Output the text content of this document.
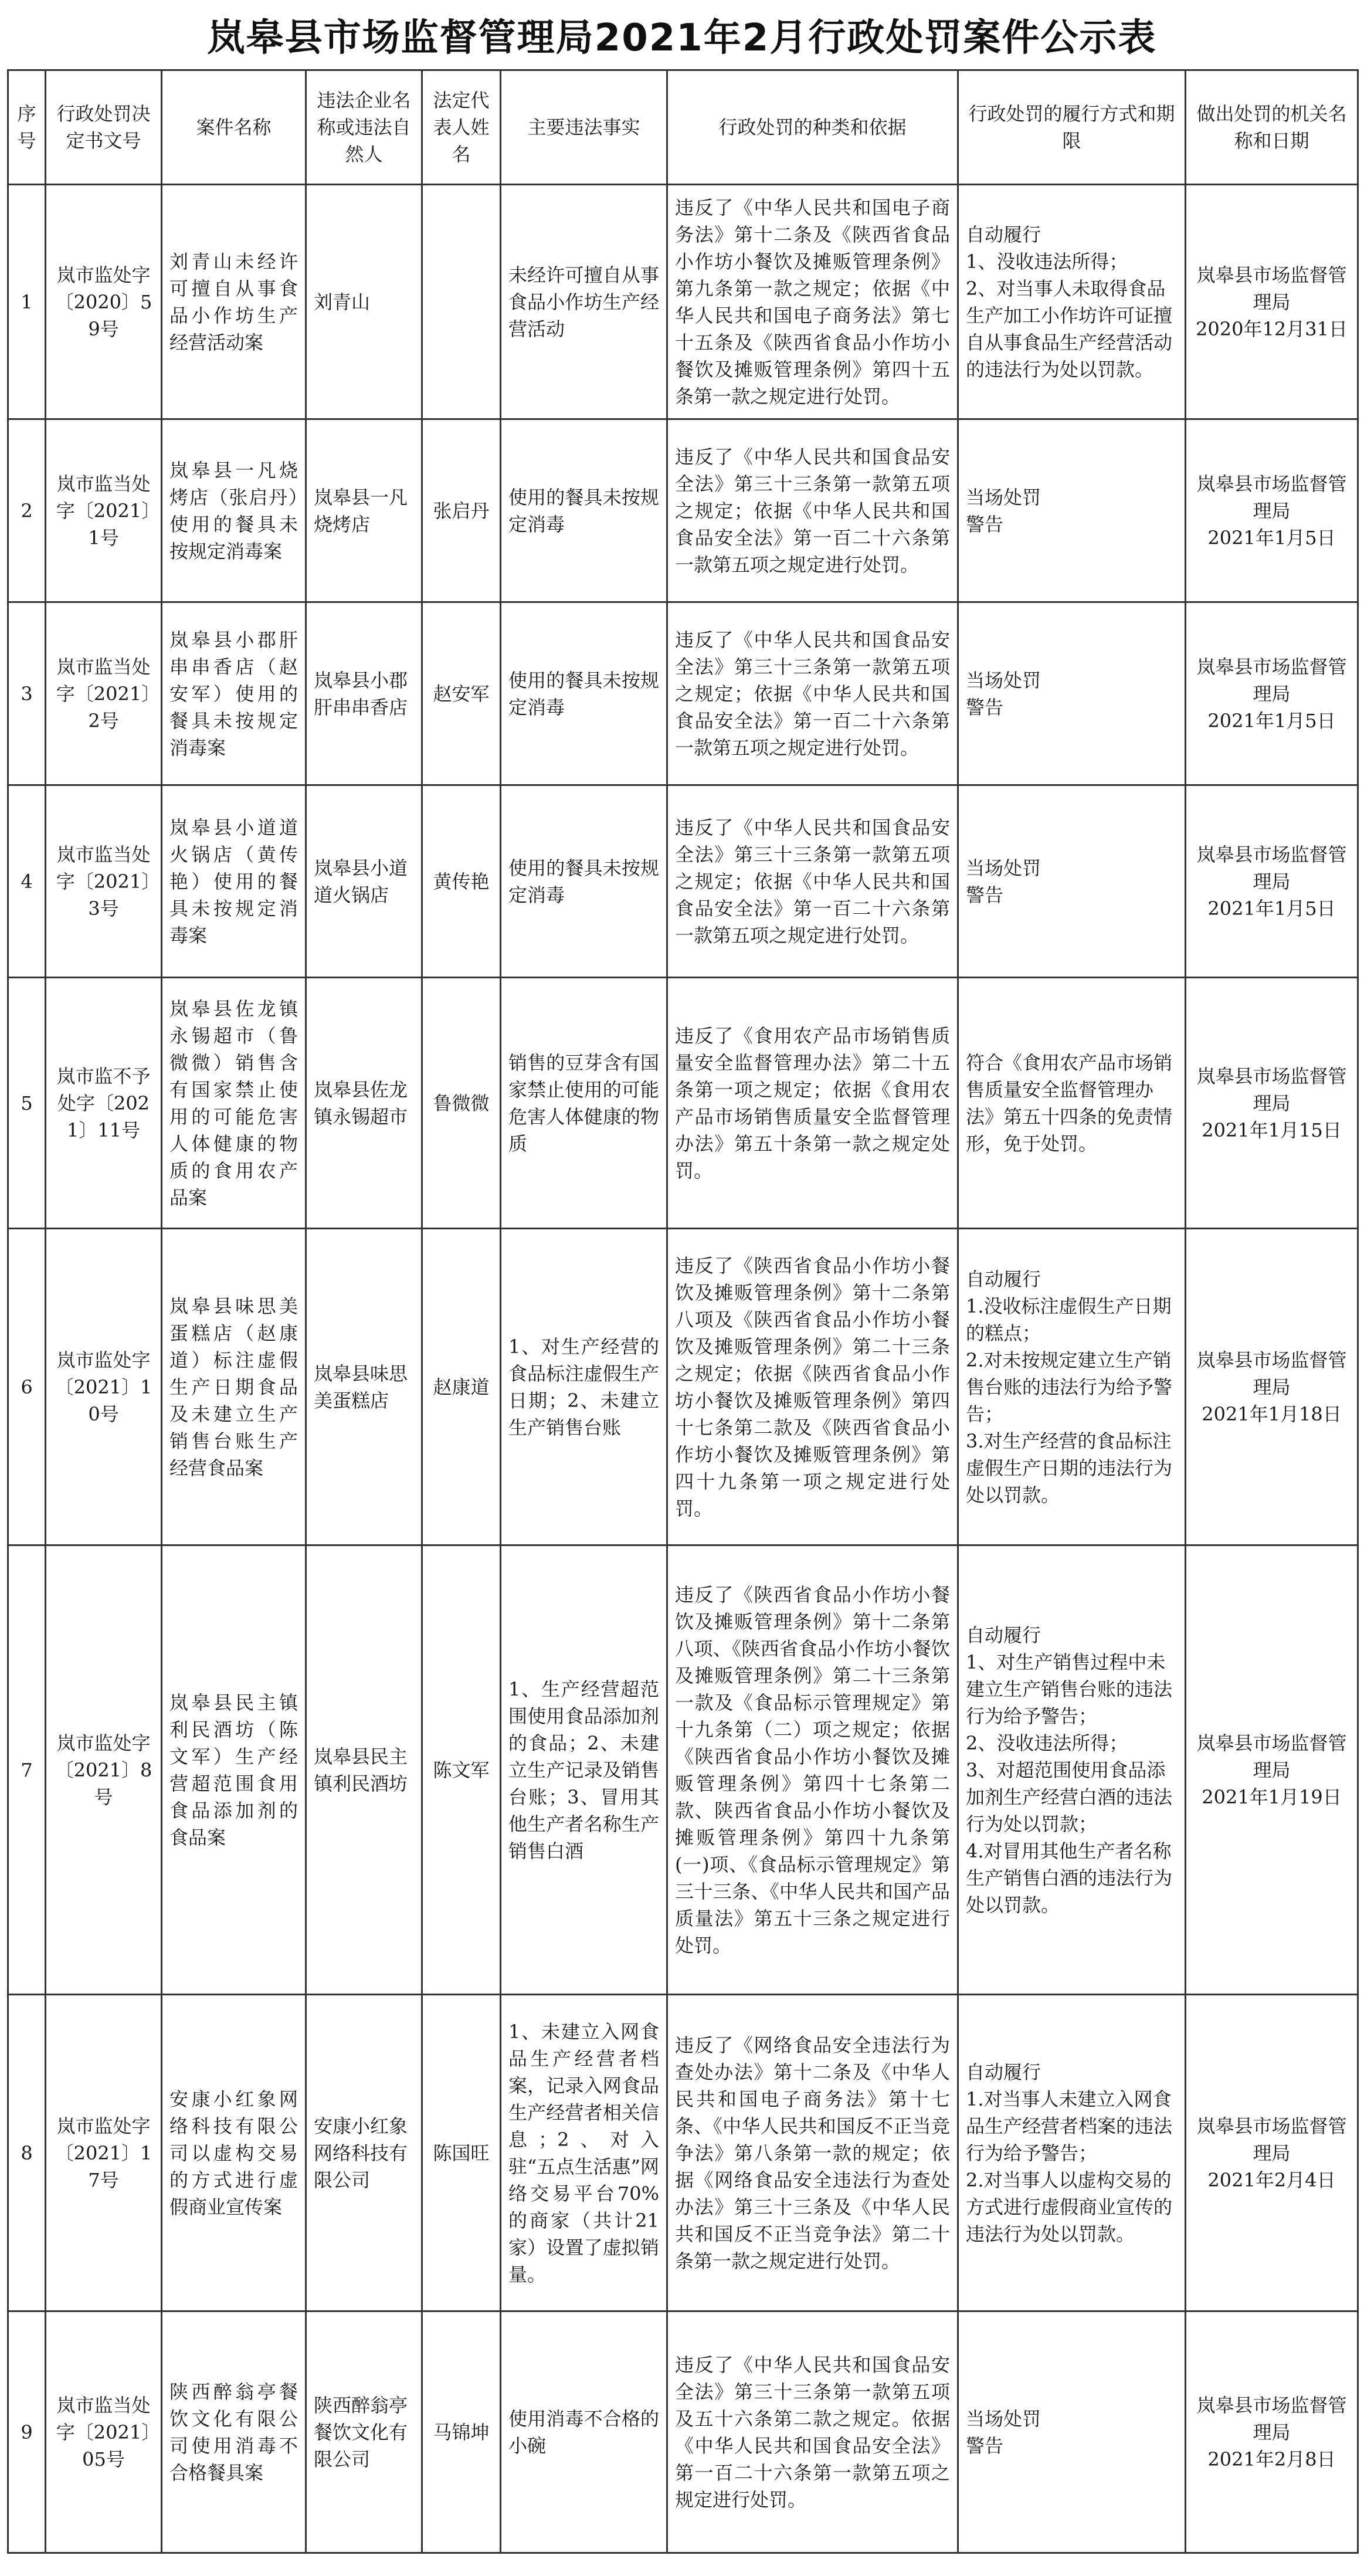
岚皋县市场监督管理局2021年2月行政处罚案件公示表
序号	行政处罚决定书文号	案件名称	违法企业名称或违法自然人	法定代表人姓名	主要违法事实	行政处罚的种类和依据	行政处罚的履行方式和期限	做出处罚的机关名称和日期

1	岚市监处字〔2020〕59号	刘青山未经许可擅自从事食品小作坊生产经营活动案	刘青山		未经许可擅自从事食品小作坊生产经营活动	违反了《中华人民共和国电子商务法》第十二条及《陕西省食品小作坊小餐饮及摊贩管理条例》第九条第一款之规定；依据《中华人民共和国电子商务法》第七十五条及《陕西省食品小作坊小餐饮及摊贩管理条例》第四十五条第一款之规定进行处罚。	自动履行
1、没收违法所得；
2、对当事人未取得食品生产加工小作坊许可证擅自从事食品生产经营活动的违法行为处以罚款。	岚皋县市场监督管理局
2020年12月31日

2	岚市监当处字〔2021〕1号	岚皋县一凡烧烤店（张启丹）使用的餐具未按规定消毒案	岚皋县一凡烧烤店	张启丹	使用的餐具未按规定消毒	违反了《中华人民共和国食品安全法》第三十三条第一款第五项之规定；依据《中华人民共和国食品安全法》第一百二十六条第一款第五项之规定进行处罚。	当场处罚
警告	岚皋县市场监督管理局
2021年1月5日

3	岚市监当处字〔2021〕2号	岚皋县小郡肝串串香店（赵安军）使用的餐具未按规定消毒案	岚皋县小郡肝串串香店	赵安军	使用的餐具未按规定消毒	违反了《中华人民共和国食品安全法》第三十三条第一款第五项之规定；依据《中华人民共和国食品安全法》第一百二十六条第一款第五项之规定进行处罚。	当场处罚
警告	岚皋县市场监督管理局
2021年1月5日

4	岚市监当处字〔2021〕3号	岚皋县小道道火锅店（黄传艳）使用的餐具未按规定消毒案	岚皋县小道道火锅店	黄传艳	使用的餐具未按规定消毒	违反了《中华人民共和国食品安全法》第三十三条第一款第五项之规定；依据《中华人民共和国食品安全法》第一百二十六条第一款第五项之规定进行处罚。	当场处罚
警告	岚皋县市场监督管理局
2021年1月5日

5	岚市监不予处字〔2021〕11号	岚皋县佐龙镇永锡超市（鲁微微）销售含有国家禁止使用的可能危害人体健康的物质的食用农产品案	岚皋县佐龙镇永锡超市	鲁微微	销售的豆芽含有国家禁止使用的可能危害人体健康的物质	违反了《食用农产品市场销售质量安全监督管理办法》第二十五条第一项之规定；依据《食用农产品市场销售质量安全监督管理办法》第五十条第一款之规定处罚。	符合《食用农产品市场销售质量安全监督管理办法》第五十四条的免责情形，免于处罚。	岚皋县市场监督管理局
2021年1月15日

6	岚市监处字〔2021〕10号	岚皋县味思美蛋糕店（赵康道）标注虚假生产日期食品及未建立生产销售台账生产经营食品案	岚皋县味思美蛋糕店	赵康道	1、对生产经营的食品标注虚假生产日期；2、未建立生产销售台账	违反了《陕西省食品小作坊小餐饮及摊贩管理条例》第十二条第八项及《陕西省食品小作坊小餐饮及摊贩管理条例》第二十三条之规定；依据《陕西省食品小作坊小餐饮及摊贩管理条例》第四十七条第二款及《陕西省食品小作坊小餐饮及摊贩管理条例》第四十九条第一项之规定进行处罚。	自动履行
1.没收标注虚假生产日期的糕点；
2.对未按规定建立生产销售台账的违法行为给予警告；
3.对生产经营的食品标注虚假生产日期的违法行为处以罚款。	岚皋县市场监督管理局
2021年1月18日

7	岚市监处字〔2021〕8号	岚皋县民主镇利民酒坊（陈文军）生产经营超范围食用食品添加剂的食品案	岚皋县民主镇利民酒坊	陈文军	1、生产经营超范围使用食品添加剂的食品；2、未建立生产记录及销售台账；3、冒用其他生产者名称生产销售白酒	违反了《陕西省食品小作坊小餐饮及摊贩管理条例》第十二条第八项、《陕西省食品小作坊小餐饮及摊贩管理条例》第二十三条第一款及《食品标示管理规定》第十九条第（二）项之规定；依据《陕西省食品小作坊小餐饮及摊贩管理条例》第四十七条第二款、陕西省食品小作坊小餐饮及摊贩管理条例》第四十九条第(一)项、《食品标示管理规定》第三十三条、《中华人民共和国产品质量法》第五十三条之规定进行处罚。	自动履行
1、对生产销售过程中未建立生产销售台账的违法行为给予警告；
2、没收违法所得；
3、对超范围使用食品添加剂生产经营白酒的违法行为处以罚款；
4.对冒用其他生产者名称生产销售白酒的违法行为处以罚款。	岚皋县市场监督管理局
2021年1月19日

8	岚市监处字〔2021〕17号	安康小红象网络科技有限公司以虚构交易的方式进行虚假商业宣传案	安康小红象网络科技有限公司	陈国旺	1、未建立入网食品生产经营者档案，记录入网食品生产经营者相关信息；2、对入驻“五点生活惠”网络交易平台70%的商家（共计21家）设置了虚拟销量。	违反了《网络食品安全违法行为查处办法》第十二条及《中华人民共和国电子商务法》第十七条、《中华人民共和国反不正当竞争法》第八条第一款的规定；依据《网络食品安全违法行为查处办法》第三十三条及《中华人民共和国反不正当竞争法》第二十条第一款之规定进行处罚。	自动履行
1.对当事人未建立入网食品生产经营者档案的违法行为给予警告；
2.对当事人以虚构交易的方式进行虚假商业宣传的违法行为处以罚款。	岚皋县市场监督管理局
2021年2月4日

9	岚市监当处字〔2021〕05号	陕西醉翁亭餐饮文化有限公司使用消毒不合格餐具案	陕西醉翁亭餐饮文化有限公司	马锦坤	使用消毒不合格的小碗	违反了《中华人民共和国食品安全法》第三十三条第一款第五项及五十六条第二款之规定。依据《中华人民共和国食品安全法》第一百二十六条第一款第五项之规定进行处罚。	当场处罚
警告	岚皋县市场监督管理局
2021年2月8日
